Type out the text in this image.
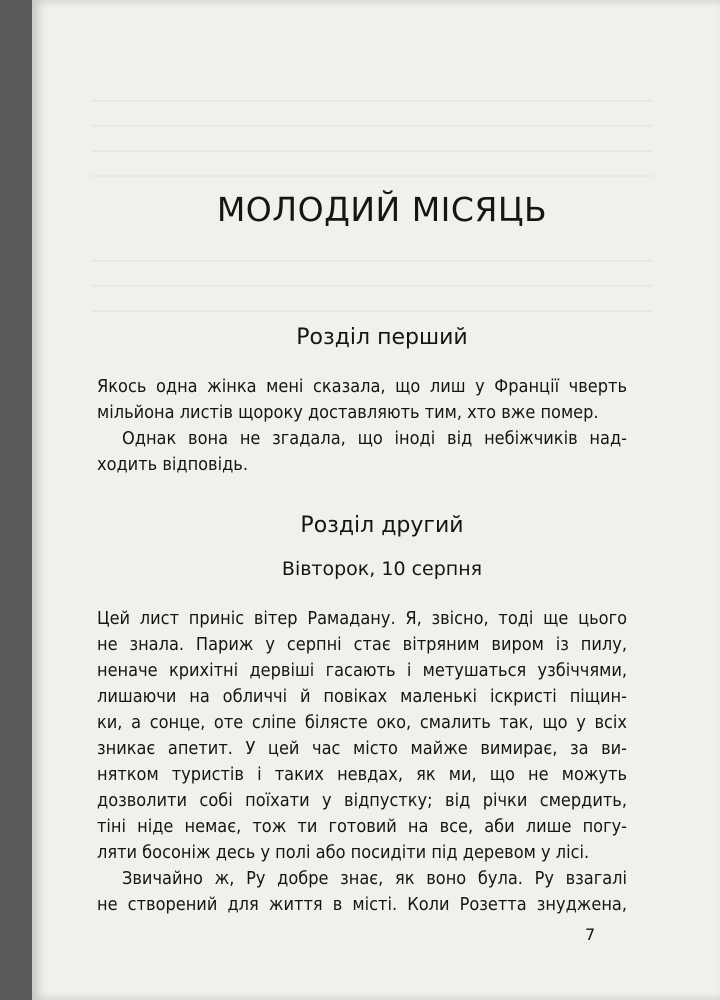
МОЛОДИЙ МІСЯЦЬ
Розділ перший
Якось одна жінка мені сказала, що лиш у Франції чверть
мільйона листів щороку доставляють тим, хто вже помер.
Однак вона не згадала, що іноді від небіжчиків над-
ходить відповідь.
Розділ другий
Вівторок, 10 серпня
Цей лист приніс вітер Рамадану. Я, звісно, тоді ще цього
не знала. Париж у серпні стає вітряним виром із пилу,
неначе крихітні дервіші гасають і метушаться узбіччями,
лишаючи на обличчі й повіках маленькі іскристі піщин-
ки, а сонце, оте сліпе білясте око, смалить так, що у всіх
зникає апетит. У цей час місто майже вимирає, за ви-
нятком туристів і таких невдах, як ми, що не можуть
дозволити собі поїхати у відпустку; від річки смердить,
тіні ніде немає, тож ти готовий на все, аби лише погу-
ляти босоніж десь у полі або посидіти під деревом у лісі.
Звичайно ж, Ру добре знає, як воно була. Ру взагалі
не створений для життя в місті. Коли Розетта знуджена,
7
